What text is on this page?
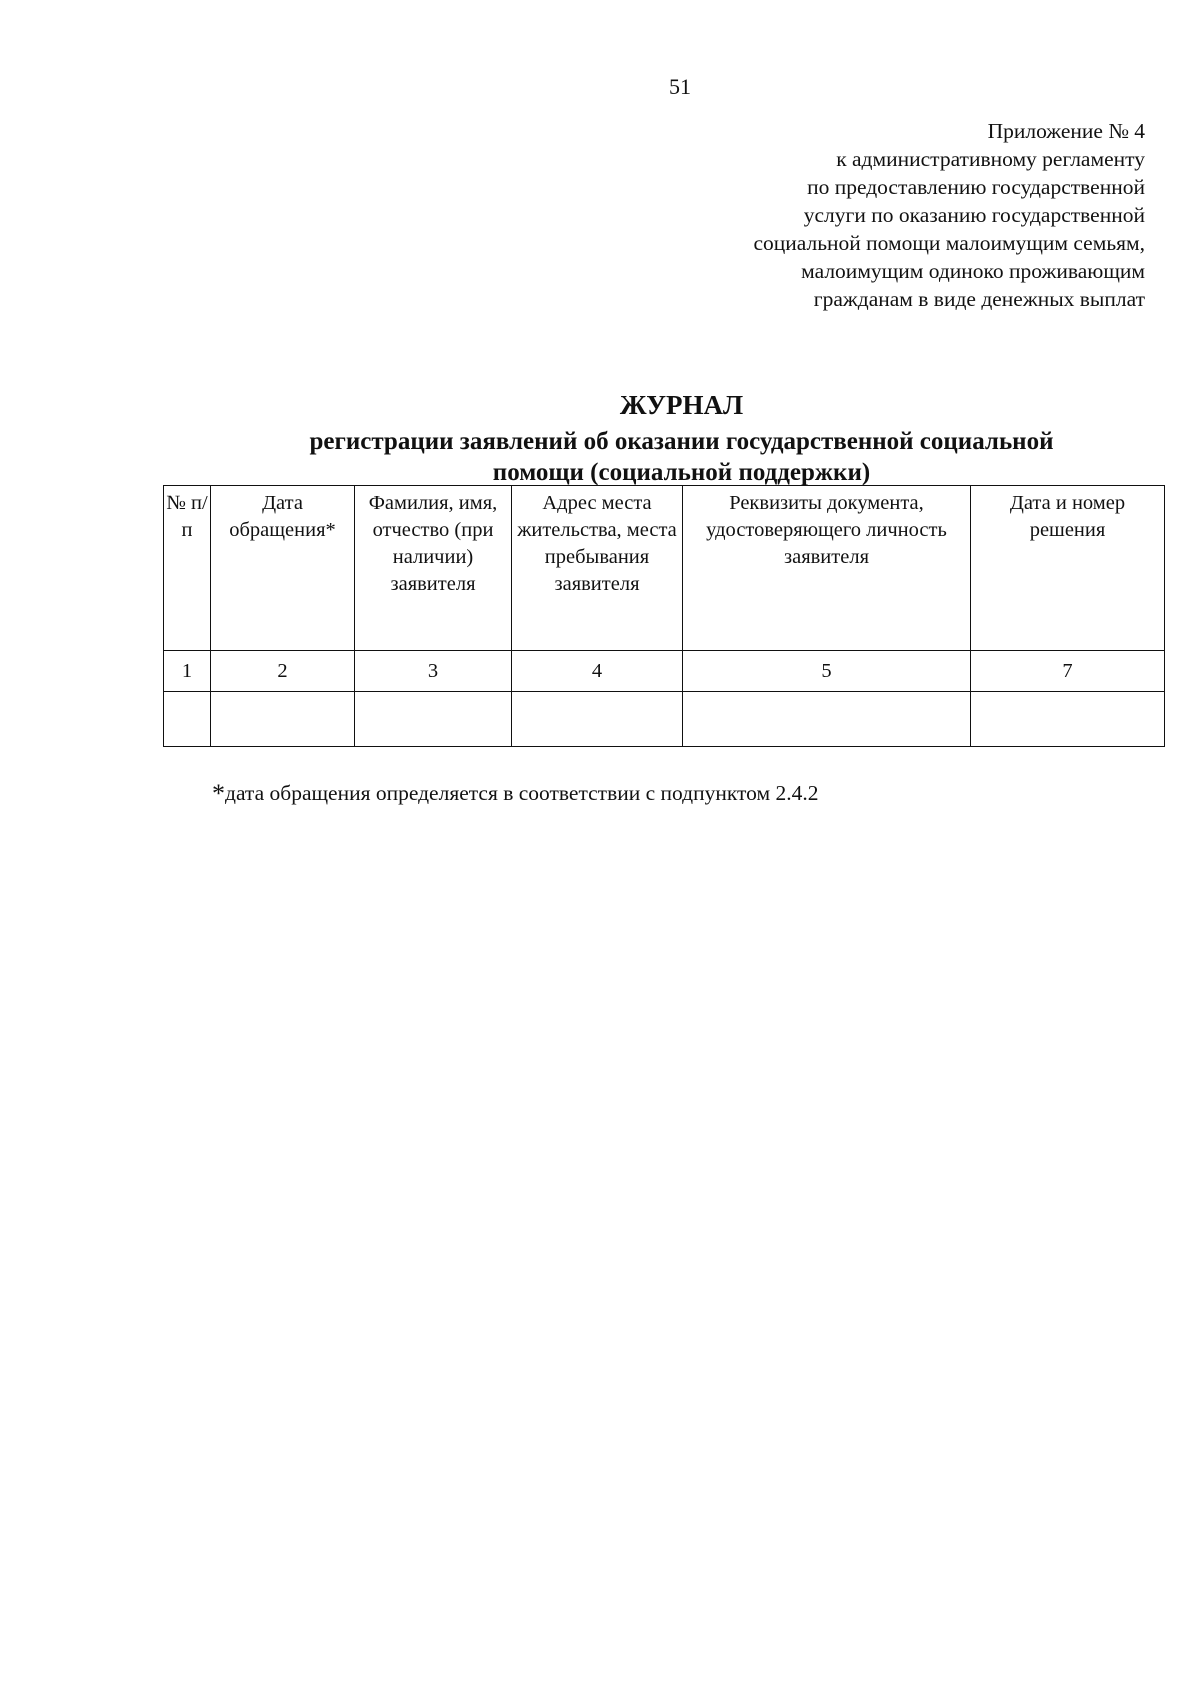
51
Приложение № 4
к административному регламенту
по предоставлению государственной
услуги по оказанию государственной
социальной помощи малоимущим семьям,
малоимущим одиноко проживающим
гражданам в виде денежных выплат
ЖУРНАЛ
регистрации заявлений об оказании государственной социальной
помощи (социальной поддержки)
№ п/п	Дата обращения*	Фамилия, имя, отчество (при наличии) заявителя	Адрес места жительства, места пребывания заявителя	Реквизиты документа, удостоверяющего личность заявителя	Дата и номер решения
1	2	3	4	5	7

*дата обращения определяется в соответствии с подпунктом 2.4.2
